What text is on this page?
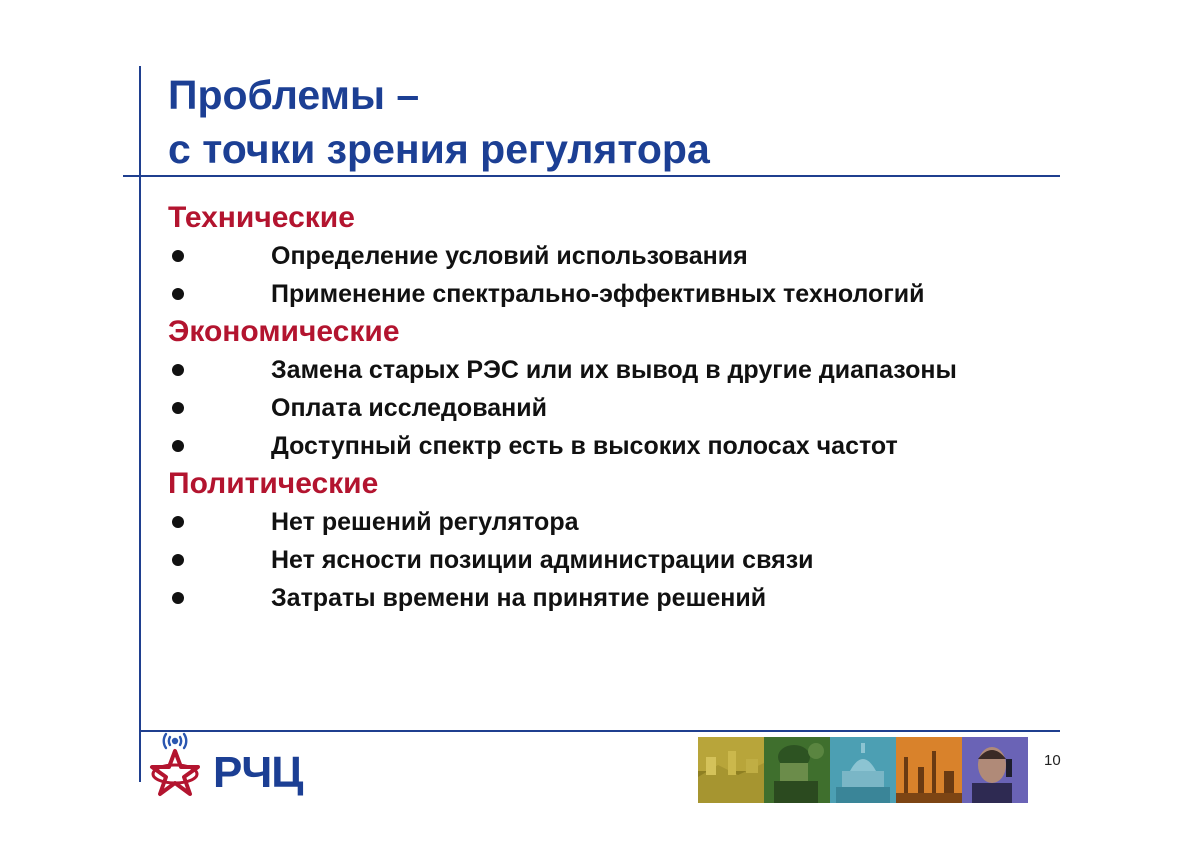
Проблемы –
с точки зрения регулятора
Технические
Определение условий использования
Применение спектрально-эффективных технологий
Экономические
Замена старых РЭС или их вывод в другие диапазоны
Оплата исследований
Доступный спектр есть в высоких полосах частот
Политические
Нет решений регулятора
Нет ясности позиции администрации связи
Затраты времени на принятие решений
РЧЦ	10
